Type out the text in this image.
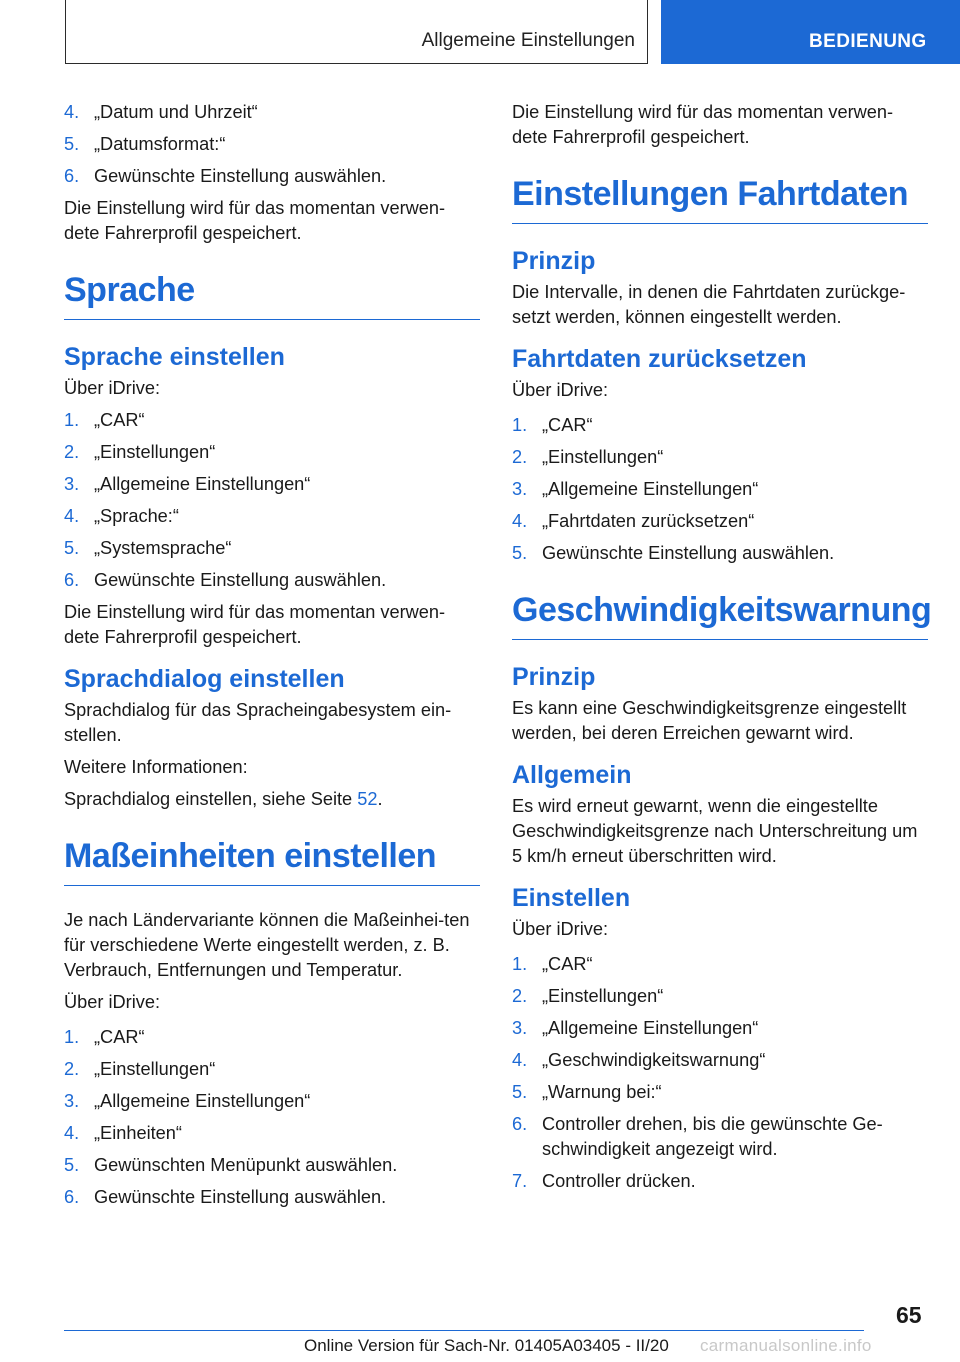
Allgemeine Einstellungen	BEDIENUNG
4. „Datum und Uhrzeit“
5. „Datumsformat:“
6. Gewünschte Einstellung auswählen.

Die Einstellung wird für das momentan verwen-dete Fahrerprofil gespeichert.

Sprache
Sprache einstellen

Über iDrive:

1. „CAR“
2. „Einstellungen“
3. „Allgemeine Einstellungen“
4. „Sprache:“
5. „Systemsprache“
6. Gewünschte Einstellung auswählen.

Die Einstellung wird für das momentan verwen-dete Fahrerprofil gespeichert.

Sprachdialog einstellen

Sprachdialog für das Spracheingabesystem ein-stellen.

Weitere Informationen:

Sprachdialog einstellen, siehe Seite 52.

Maßeinheiten einstellen

Je nach Ländervariante können die Maßeinhei-ten für verschiedene Werte eingestellt werden, z. B. Verbrauch, Entfernungen und Temperatur.

Über iDrive:

1. „CAR“
2. „Einstellungen“
3. „Allgemeine Einstellungen“
4. „Einheiten“
5. Gewünschten Menüpunkt auswählen.
6. Gewünschte Einstellung auswählen.

Die Einstellung wird für das momentan verwen-dete Fahrerprofil gespeichert.

Einstellungen Fahrtdaten
Prinzip

Die Intervalle, in denen die Fahrtdaten zurückge-setzt werden, können eingestellt werden.

Fahrtdaten zurücksetzen

Über iDrive:

1. „CAR“
2. „Einstellungen“
3. „Allgemeine Einstellungen“
4. „Fahrtdaten zurücksetzen“
5. Gewünschte Einstellung auswählen.
Geschwindigkeitswarnung
Prinzip

Es kann eine Geschwindigkeitsgrenze eingestellt werden, bei deren Erreichen gewarnt wird.

Allgemein

Es wird erneut gewarnt, wenn die eingestellte Geschwindigkeitsgrenze nach Unterschreitung um 5 km/h erneut überschritten wird.

Einstellen

Über iDrive:

1. „CAR“
2. „Einstellungen“
3. „Allgemeine Einstellungen“
4. „Geschwindigkeitswarnung“
5. „Warnung bei:“
6. Controller drehen, bis die gewünschte Ge-schwindigkeit angezeigt wird.
7. Controller drücken.
65
Online Version für Sach-Nr. 01405A03405 - II/20 carmanualsonline.info
